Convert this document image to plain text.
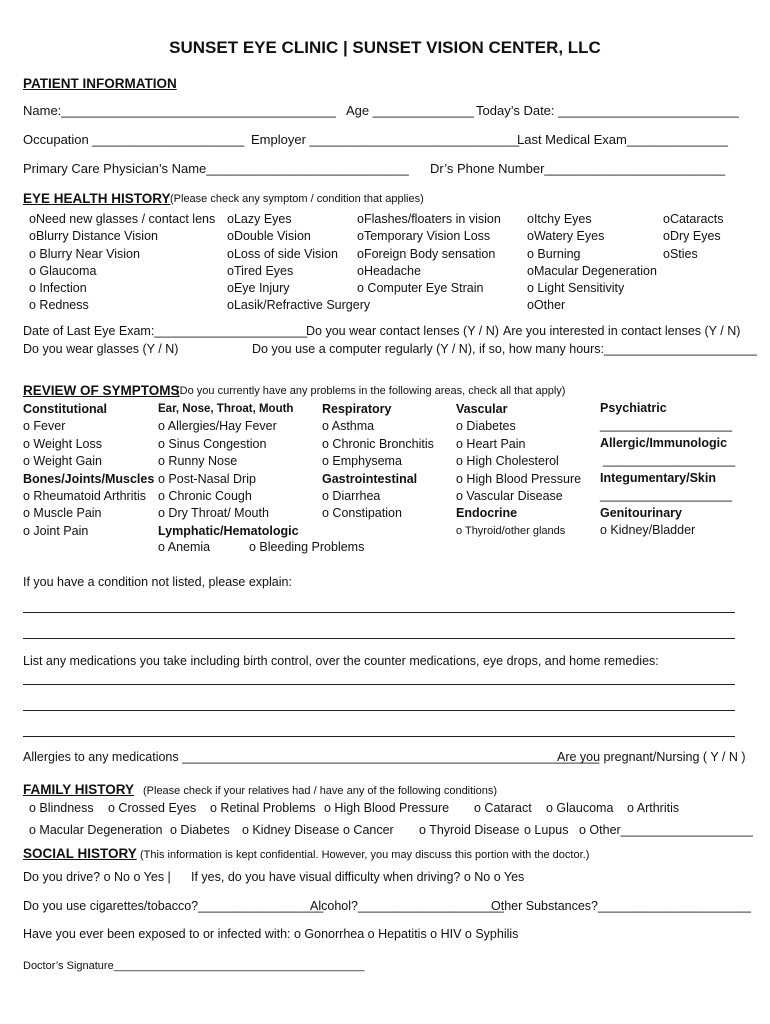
SUNSET EYE CLINIC | SUNSET VISION CENTER, LLC
PATIENT INFORMATION
Name:______________________________________ Age ______________ Today’s Date: _________________________
Occupation _____________________ Employer _____________________________
Last Medical Exam______________
Primary Care Physician’s Name____________________________ Dr’s Phone Number_________________________
EYE HEALTH HISTORY (Please check any symptom / condition that applies)
oNeed new glasses / contact lens
oBlurry Distance Vision
o Blurry Near Vision
o Glaucoma
o Infection
o Redness
oLazy Eyes
oDouble Vision
oLoss of side Vision
oTired Eyes
oEye Injury
oLasik/Refractive Surgery
oFlashes/floaters in vision
oTemporary Vision Loss
oForeign Body sensation
oHeadache
o Computer Eye Strain
oItchy Eyes
oWatery Eyes
o Burning
oMacular Degeneration
o Light Sensitivity
oOther
oCataracts
oDry Eyes
oSties
Date of Last Eye Exam:______________________
Do you wear contact lenses (Y / N) Are you interested in contact lenses (Y / N)
Do you wear glasses (Y / N)	Do you use a computer regularly (Y / N), if so, how many hours:______________________
REVIEW OF SYMPTOMS
(Do you currently have any problems in the following areas, check all that apply)
Constitutional
o Fever
o Weight Loss
o Weight Gain
Bones/Joints/Muscles
o Rheumatoid Arthritis
o Muscle Pain
o Joint Pain
Ear, Nose, Throat, Mouth
o Allergies/Hay Fever
o Sinus Congestion
o Runny Nose
o Post-Nasal Drip
o Chronic Cough
o Dry Throat/ Mouth
Lymphatic/Hematologic
o Anemia	o Bleeding Problems
Respiratory
o Asthma
o Chronic Bronchitis
o Emphysema
Gastrointestinal
o Diarrhea
o Constipation
Vascular
o Diabetes
o Heart Pain
o High Cholesterol
o High Blood Pressure
o Vascular Disease
Endocrine
o Thyroid/other glands
Psychiatric
___________________
Allergic/Immunologic
___________________
Integumentary/Skin
___________________
Genitourinary
o Kidney/Bladder
If you have a condition not listed, please explain:
List any medications you take including birth control, over the counter medications, eye drops, and home remedies:
Allergies to any medications ____________________________________________________________
Are you pregnant/Nursing ( Y / N )
FAMILY HISTORY (Please check if your relatives had / have any of the following conditions)
o Blindness o Crossed Eyes o Retinal Problems o High Blood Pressure o Cataract o Glaucoma o Arthritis
o Macular Degeneration o Diabetes o Kidney Disease o Cancer o Thyroid Disease o Lupus o Other___________________
SOCIAL HISTORY (This information is kept confidential. However, you may discuss this portion with the doctor.)
Do you drive? o No o Yes | If yes, do you have visual difficulty when driving? o No o Yes
Do you use cigarettes/tobacco?__________________
Alcohol?_____________________
Other Substances?______________________
Have you ever been exposed to or infected with: o Gonorrhea o Hepatitis o HIV o Syphilis
Doctor’s Signature_________________________________________
